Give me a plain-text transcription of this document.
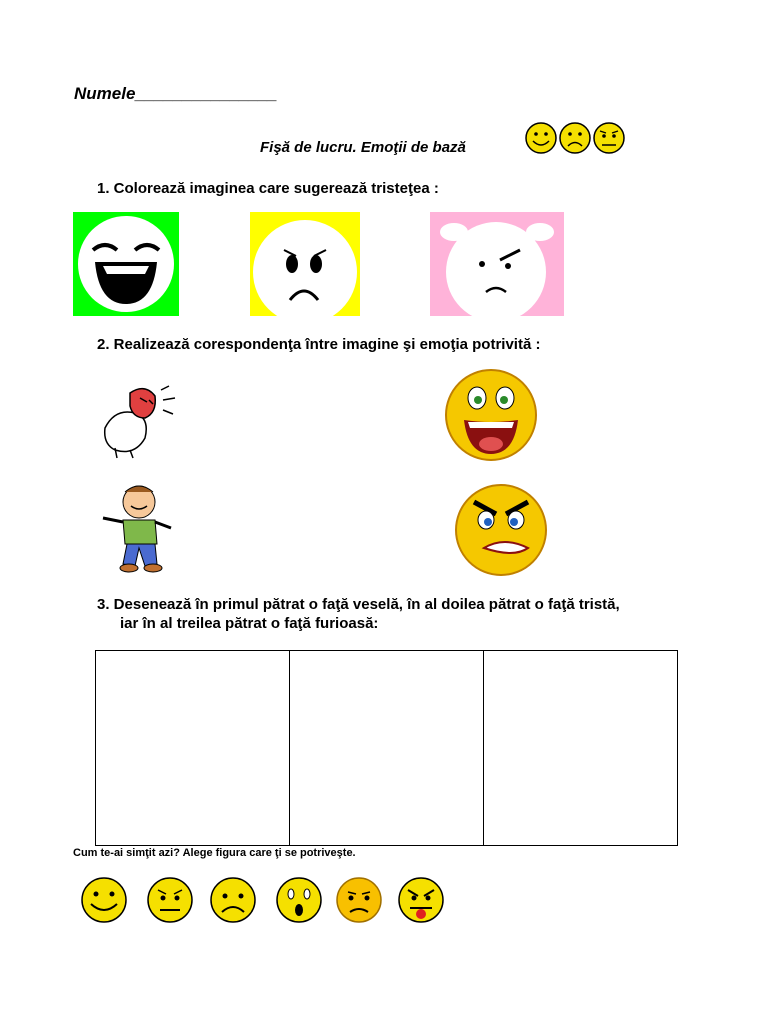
Numele_______________
Fişă de lucru. Emoţii de bază
1. Colorează imaginea care sugerează tristeţea :
2. Realizează corespondenţa între imagine şi emoţia potrivită :
3. Desenează în primul pătrat o faţă veselă, în al doilea pătrat o faţă tristă,
iar în al treilea pătrat o faţă furioasă:
Cum te-ai simţit azi? Alege figura care ţi se potriveşte.
